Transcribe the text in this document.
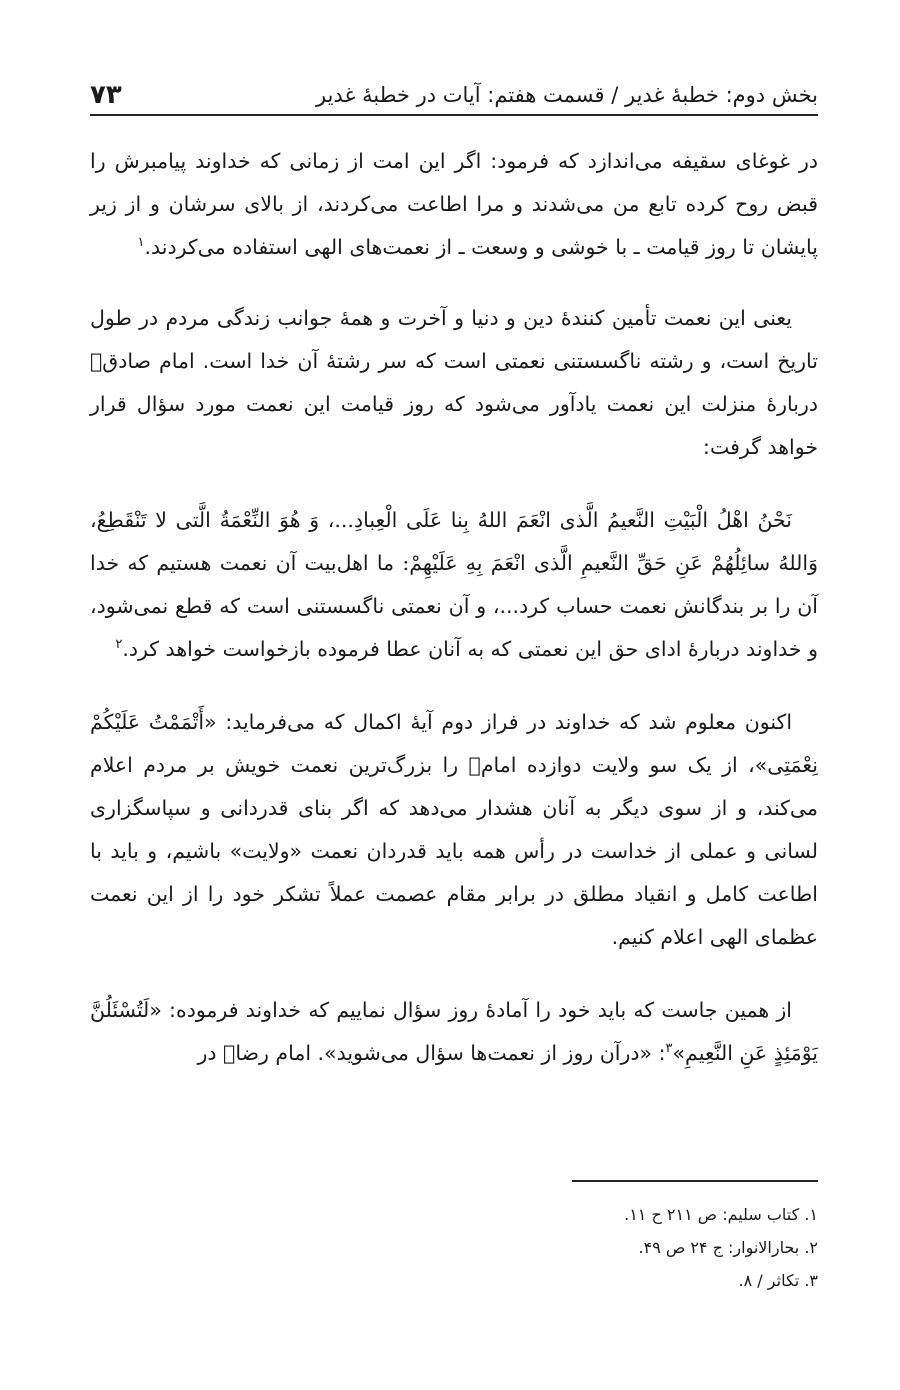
بخش دوم: خطبۀ غدیر / قسمت هفتم: آیات در خطبۀ غدیر
۷۳

در غوغای سقیفه می‌اندازد که فرمود: اگر این امت از زمانی که خداوند پیامبرش را قبض روح کرده تابع من می‌شدند و مرا اطاعت می‌کردند، از بالای سرشان و از زیر پایشان تا روز قیامت ـ با خوشی و وسعت ـ از نعمت‌های الهی استفاده می‌کردند.$^۱$

یعنی این نعمت تأمین کنندۀ دین و دنیا و آخرت و همۀ جوانب زندگی مردم در طول تاریخ است، و رشته ناگسستنی نعمتی است که سر رشتۀ آن خدا است. امام صادق﷣ دربارۀ منزلت این نعمت یادآور می‌شود که روز قیامت این نعمت مورد سؤال قرار خواهد گرفت:

نَحْنُ اهْلُ الْبَيْتِ النَّعيمُ الَّذى انْعَمَ اللهُ بِنا عَلَى الْعِبادِ...، وَ هُوَ النِّعْمَةُ الَّتى لا تَنْقَطِعُ، وَاللهُ سائِلُهُمْ عَنِ حَقِّ النَّعيمِ الَّذى انْعَمَ بِهِ عَلَيْهِمْ: ما اهل‌بیت آن نعمت هستیم که خدا آن را بر بندگانش نعمت حساب کرد...، و آن نعمتی ناگسستنی است که قطع نمی‌شود، و خداوند دربارۀ ادای حق این نعمتی که به آنان عطا فرموده بازخواست خواهد کرد.$^۲$

اکنون معلوم شد که خداوند در فراز دوم آیۀ اکمال که می‌فرماید: «أَتْمَمْتُ عَلَيْكُمْ نِعْمَتِى»، از یک سو ولایت دوازده امام﷩ را بزرگ‌ترین نعمت خویش بر مردم اعلام می‌کند، و از سوی دیگر به آنان هشدار می‌دهد که اگر بنای قدردانی و سپاسگزاری لسانی و عملی از خداست در رأس همه باید قدردان نعمت «ولایت» باشیم، و باید با اطاعت کامل و انقیاد مطلق در برابر مقام عصمت عملاً تشکر خود را از این نعمت عظمای الهی اعلام کنیم.

از همین جاست که باید خود را آمادۀ روز سؤال نماییم که خداوند فرموده: «لَتُسْئَلُنَّ يَوْمَئِذٍ عَنِ النَّعِيمِ»$^۳$: «درآن روز از نعمت‌ها سؤال می‌شوید». امام رضا﷣ در

۱. کتاب سلیم: ص ۲۱۱ ح ۱۱.
۲. بحارالانوار: ج ۲۴ ص ۴۹.
۳. تکاثر / ۸.
